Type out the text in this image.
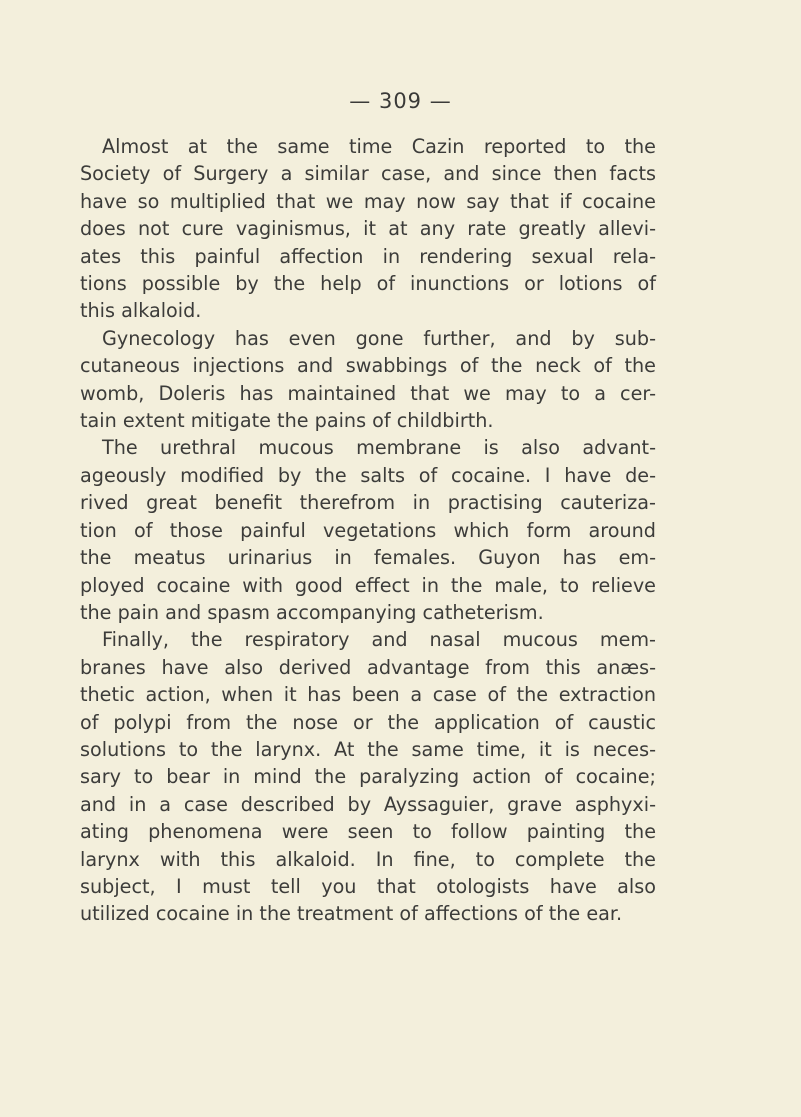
— 309 —
Almost at the same time Cazin reported to the
Society of Surgery a similar case, and since then facts
have so multiplied that we may now say that if cocaine
does not cure vaginismus, it at any rate greatly allevi-
ates this painful affection in rendering sexual rela-
tions possible by the help of inunctions or lotions of
this alkaloid.
Gynecology has even gone further, and by sub-
cutaneous injections and swabbings of the neck of the
womb, Doleris has maintained that we may to a cer-
tain extent mitigate the pains of childbirth.
The urethral mucous membrane is also advant-
ageously modified by the salts of cocaine. I have de-
rived great benefit therefrom in practising cauteriza-
tion of those painful vegetations which form around
the meatus urinarius in females. Guyon has em-
ployed cocaine with good effect in the male, to relieve
the pain and spasm accompanying catheterism.
Finally, the respiratory and nasal mucous mem-
branes have also derived advantage from this anæs-
thetic action, when it has been a case of the extraction
of polypi from the nose or the application of caustic
solutions to the larynx. At the same time, it is neces-
sary to bear in mind the paralyzing action of cocaine;
and in a case described by Ayssaguier, grave asphyxi-
ating phenomena were seen to follow painting the
larynx with this alkaloid. In fine, to complete the
subject, I must tell you that otologists have also
utilized cocaine in the treatment of affections of the ear.
